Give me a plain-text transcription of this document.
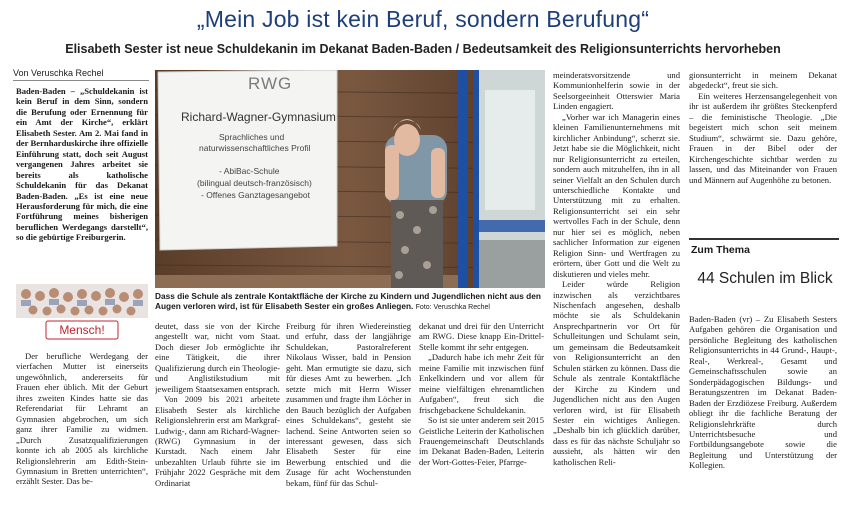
„Mein Job ist kein Beruf, sondern Berufung“
Elisabeth Sester ist neue Schuldekanin im Dekanat Baden-Baden / Bedeutsamkeit des Religionsunterrichts hervorheben
Von Veruschka Rechel

Baden-Baden – „Schuldekanin ist kein Beruf in dem Sinn, sondern die Berufung oder Ernennung für ein Amt der Kirche“, erklärt Elisabeth Sester. Am 2. Mai fand in der Bernharduskirche ihre offizielle Einführung statt, doch seit August vergangenen Jahres arbeitet sie bereits als katholische Schuldekanin für das Dekanat Baden-Baden. „Es ist eine neue Herausforderung für mich, die eine Fortführung meines bisherigen beruflichen Werdegangs darstellt“, so die gebürtige Freiburgerin.

Mensch!

Der berufliche Werdegang der vierfachen Mutter ist einerseits ungewöhnlich, andererseits für Frauen eher üblich. Mit der Geburt ihres zweiten Kindes hatte sie das Referendariat für Lehramt an Gymnasien abgebrochen, um sich ganz ihrer Familie zu widmen. „Durch Zusatzqualifizierungen konnte ich ab 2005 als kirchliche Religionslehrerin am Edith-Stein-Gymnasium in Bretten unterrichten“, erzählt Sester. Das be-

RWG
Richard-Wagner-Gymnasium
Sprachliches und
naturwissenschaftliches Profil
- AbiBac-Schule
(bilingual deutsch-französisch)
- Offenes Ganztagesangebot
Dass die Schule als zentrale Kontaktfläche der Kirche zu Kindern und Jugendlichen nicht aus den Augen verloren wird, ist für Elisabeth Sester ein großes Anliegen. Foto: Veruschka Rechel

deutet, dass sie von der Kirche angestellt war, nicht vom Staat. Doch dieser Job ermöglichte ihr eine Tätigkeit, die ihrer Qualifizierung durch ein Theologie- und Anglistikstudium mit jeweiligem Staatsexamen entsprach.

Von 2009 bis 2021 arbeitete Elisabeth Sester als kirchliche Religionslehrerin erst am Markgraf-Ludwig-, dann am Richard-Wagner-(RWG) Gymnasium in der Kurstadt. Nach einem Jahr unbezahlten Urlaub führte sie im Frühjahr 2022 Gespräche mit dem Ordinariat

Freiburg für ihren Wiedereinstieg und erfuhr, dass der langjährige Schuldekan, Pastoralreferent Nikolaus Wisser, bald in Pension geht. Man ermutigte sie dazu, sich für dieses Amt zu bewerben. „Ich setzte mich mit Herrn Wisser zusammen und fragte ihm Löcher in den Bauch bezüglich der Aufgaben eines Schuldekans“, gesteht sie lachend. Seine Antworten seien so interessant gewesen, dass sich Elisabeth Sester für eine Bewerbung entschied und die Zusage für acht Wochenstunden bekam, fünf für das Schul-

dekanat und drei für den Unterricht am RWG. Diese knapp Ein-Drittel-Stelle kommt ihr sehr entgegen.

„Dadurch habe ich mehr Zeit für meine Familie mit inzwischen fünf Enkelkindern und vor allem für meine vielfältigen ehrenamtlichen Aufgaben“, freut sich die frischgebackene Schuldekanin.

So ist sie unter anderem seit 2015 Geistliche Leiterin der Katholischen Frauengemeinschaft Deutschlands im Dekanat Baden-Baden, Leiterin der Wort-Gottes-Feier, Pfarrge-

meinderatsvorsitzende und Kommunionhelferin sowie in der Seelsorgeeinheit Otterswier Maria Linden engagiert.

„Vorher war ich Managerin eines kleinen Familienunternehmens mit kirchlicher Anbindung“, scherzt sie. Jetzt habe sie die Möglichkeit, nicht nur Religionsunterricht zu erteilen, sondern auch mitzuhelfen, ihn in all seiner Vielfalt an den Schulen durch unterschiedliche Kontakte und Unterstützung mit zu erhalten. Religionsunterricht sei ein sehr wertvolles Fach in der Schule, denn nur hier sei es möglich, neben sachlicher Information zur eigenen Religion Sinn- und Wertfragen zu erörtern, über Gott und die Welt zu diskutieren und vieles mehr.

Leider würde Religion inzwischen als verzichtbares Nischenfach angesehen, deshalb möchte sie als Schuldekanin Ansprechpartnerin vor Ort für Schulleitungen und Schulamt sein, um gemeinsam die Bedeutsamkeit von Religionsunterricht an den Schulen stärken zu können. Dass die Schule als zentrale Kontaktfläche der Kirche zu Kindern und Jugendlichen nicht aus den Augen verloren wird, ist für Elisabeth Sester ein wichtiges Anliegen. „Deshalb bin ich glücklich darüber, dass es für das nächste Schuljahr so aussieht, als hätten wir den katholischen Reli-

gionsunterricht in meinem Dekanat abgedeckt“, freut sie sich.

Ein weiteres Herzensangelegenheit von ihr ist außerdem ihr größtes Steckenpferd – die feministische Theologie. „Die begeistert mich schon seit meinem Studium“, schwärmt sie. Dazu gehöre, Frauen in der Bibel oder der Kirchengeschichte sichtbar werden zu lassen, und das Miteinander von Frauen und Männern auf Augenhöhe zu betonen.

Zum Thema
44 Schulen im Blick

Baden-Baden (vr) – Zu Elisabeth Sesters Aufgaben gehören die Organisation und persönliche Begleitung des katholischen Religionsunterrichts in 44 Grund-, Haupt-, Real-, Werkreal-, Gesamt und Gemeinschaftsschulen sowie an Sonderpädagogischen Bildungs- und Beratungszentren im Dekanat Baden-Baden der Erzdiözese Freiburg. Außerdem obliegt ihr die fachliche Beratung der Religionslehrkräfte durch Unterrichtsbesuche und Fortbildungsangebote sowie die Begleitung und Unterstützung der Kollegien.
